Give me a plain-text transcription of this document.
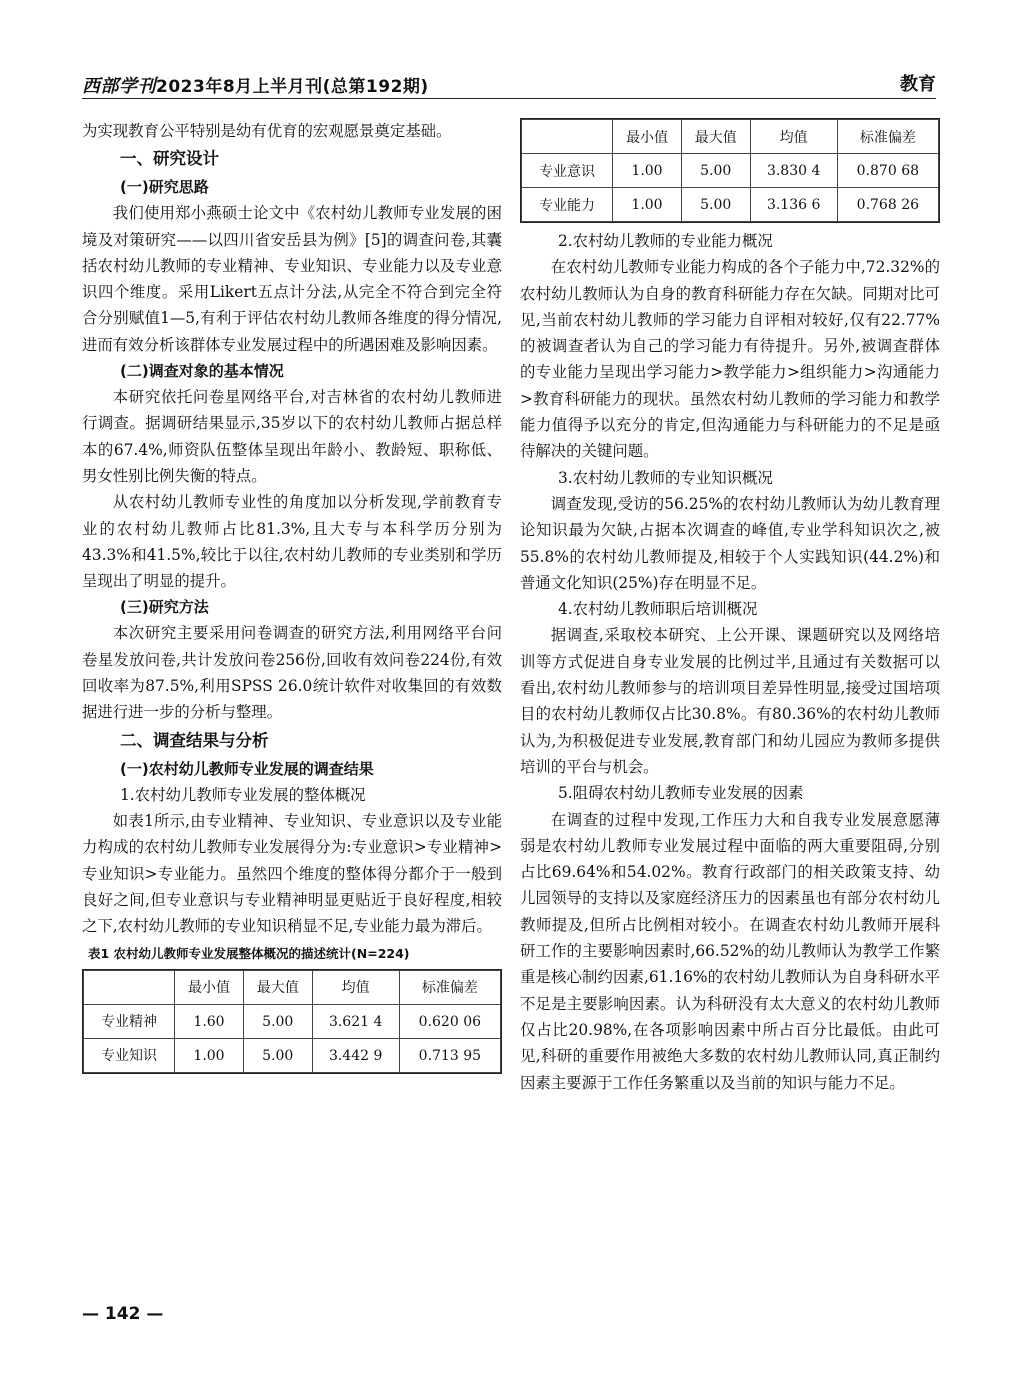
西部学刊2023年8月上半月刊(总第192期)	教育
	最小值	最大值	均值	标准偏差
专业意识	1.00	5.00	3.830 4	0.870 68
专业能力	1.00	5.00	3.136 6	0.768 26

为实现教育公平特别是幼有优育的宏观愿景奠定基础。

一、研究设计
(一)研究思路

我们使用郑小燕硕士论文中《农村幼儿教师专业发展的困境及对策研究——以四川省安岳县为例》[5]的调查问卷,其囊括农村幼儿教师的专业精神、专业知识、专业能力以及专业意识四个维度。采用Likert五点计分法,从完全不符合到完全符合分别赋值1—5,有利于评估农村幼儿教师各维度的得分情况,进而有效分析该群体专业发展过程中的所遇困难及影响因素。

(二)调查对象的基本情况

本研究依托问卷星网络平台,对吉林省的农村幼儿教师进行调查。据调研结果显示,35岁以下的农村幼儿教师占据总样本的67.4%,师资队伍整体呈现出年龄小、教龄短、职称低、男女性别比例失衡的特点。

从农村幼儿教师专业性的角度加以分析发现,学前教育专业的农村幼儿教师占比81.3%,且大专与本科学历分别为43.3%和41.5%,较比于以往,农村幼儿教师的专业类别和学历呈现出了明显的提升。

(三)研究方法

本次研究主要采用问卷调查的研究方法,利用网络平台问卷星发放问卷,共计发放问卷256份,回收有效问卷224份,有效回收率为87.5%,利用SPSS 26.0统计软件对收集回的有效数据进行进一步的分析与整理。

二、调查结果与分析
(一)农村幼儿教师专业发展的调查结果

1.农村幼儿教师专业发展的整体概况

如表1所示,由专业精神、专业知识、专业意识以及专业能力构成的农村幼儿教师专业发展得分为:专业意识>专业精神>专业知识>专业能力。虽然四个维度的整体得分都介于一般到良好之间,但专业意识与专业精神明显更贴近于良好程度,相较之下,农村幼儿教师的专业知识稍显不足,专业能力最为滞后。

表1 农村幼儿教师专业发展整体概况的描述统计(N=224)
	最小值	最大值	均值	标准偏差
专业精神	1.60	5.00	3.621 4	0.620 06
专业知识	1.00	5.00	3.442 9	0.713 95

2.农村幼儿教师的专业能力概况

在农村幼儿教师专业能力构成的各个子能力中,72.32%的农村幼儿教师认为自身的教育科研能力存在欠缺。同期对比可见,当前农村幼儿教师的学习能力自评相对较好,仅有22.77%的被调查者认为自己的学习能力有待提升。另外,被调查群体的专业能力呈现出学习能力>教学能力>组织能力>沟通能力>教育科研能力的现状。虽然农村幼儿教师的学习能力和教学能力值得予以充分的肯定,但沟通能力与科研能力的不足是亟待解决的关键问题。

3.农村幼儿教师的专业知识概况

调查发现,受访的56.25%的农村幼儿教师认为幼儿教育理论知识最为欠缺,占据本次调查的峰值,专业学科知识次之,被55.8%的农村幼儿教师提及,相较于个人实践知识(44.2%)和普通文化知识(25%)存在明显不足。

4.农村幼儿教师职后培训概况

据调查,采取校本研究、上公开课、课题研究以及网络培训等方式促进自身专业发展的比例过半,且通过有关数据可以看出,农村幼儿教师参与的培训项目差异性明显,接受过国培项目的农村幼儿教师仅占比30.8%。有80.36%的农村幼儿教师认为,为积极促进专业发展,教育部门和幼儿园应为教师多提供培训的平台与机会。

5.阻碍农村幼儿教师专业发展的因素

在调查的过程中发现,工作压力大和自我专业发展意愿薄弱是农村幼儿教师专业发展过程中面临的两大重要阻碍,分别占比69.64%和54.02%。教育行政部门的相关政策支持、幼儿园领导的支持以及家庭经济压力的因素虽也有部分农村幼儿教师提及,但所占比例相对较小。在调查农村幼儿教师开展科研工作的主要影响因素时,66.52%的幼儿教师认为教学工作繁重是核心制约因素,61.16%的农村幼儿教师认为自身科研水平不足是主要影响因素。认为科研没有太大意义的农村幼儿教师仅占比20.98%,在各项影响因素中所占百分比最低。由此可见,科研的重要作用被绝大多数的农村幼儿教师认同,真正制约因素主要源于工作任务繁重以及当前的知识与能力不足。

— 142 —
